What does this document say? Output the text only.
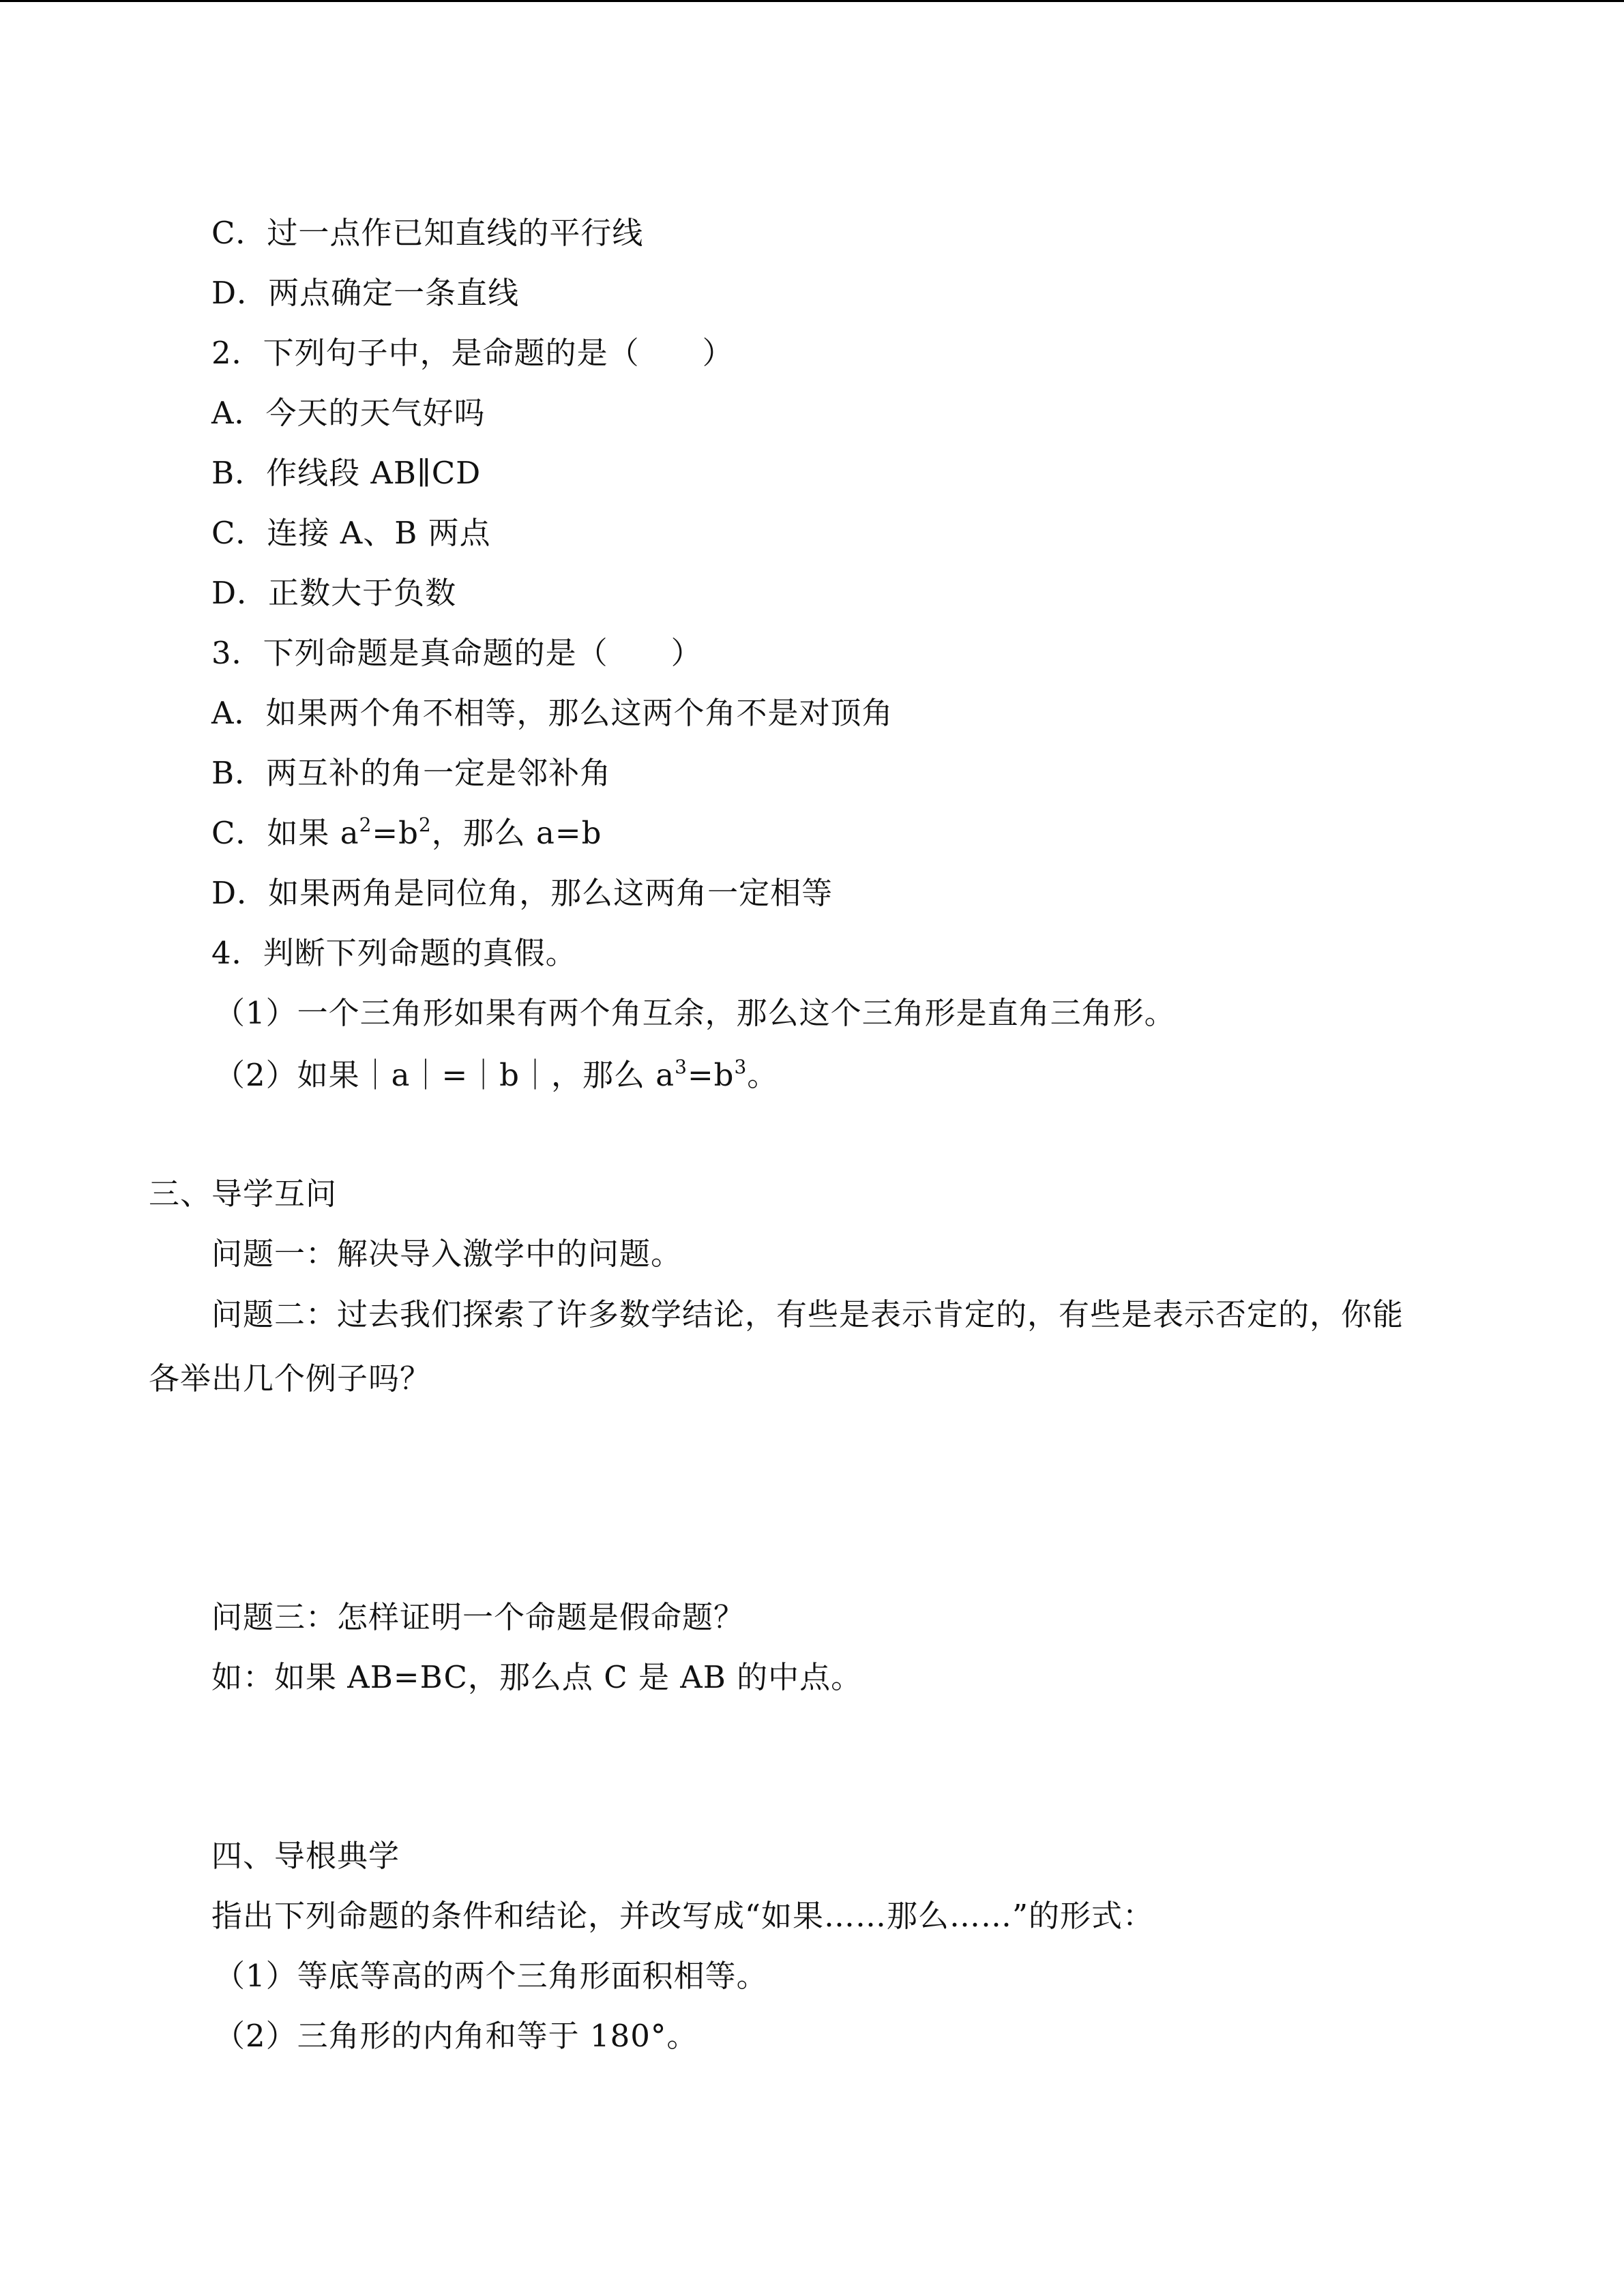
C．过一点作已知直线的平行线
D．两点确定一条直线
2．下列句子中，是命题的是（　　）
A．今天的天气好吗
B．作线段 AB∥CD
C．连接 A、B 两点
D．正数大于负数
3．下列命题是真命题的是（　　）
A．如果两个角不相等，那么这两个角不是对顶角
B．两互补的角一定是邻补角
C．如果 $a^2=b^2$，那么 a=b
D．如果两角是同位角，那么这两角一定相等
4．判断下列命题的真假。
（1）一个三角形如果有两个角互余，那么这个三角形是直角三角形。
（2）如果｜a｜=｜b｜，那么 $a^3=b^3$。
三、导学互问
问题一：解决导入激学中的问题。
问题二：过去我们探索了许多数学结论，有些是表示肯定的，有些是表示否定的，你能
各举出几个例子吗？
问题三：怎样证明一个命题是假命题？
如：如果 AB=BC，那么点 C 是 AB 的中点。
四、导根典学
指出下列命题的条件和结论，并改写成“如果……那么……”的形式：
（1）等底等高的两个三角形面积相等。
（2）三角形的内角和等于 180°。
